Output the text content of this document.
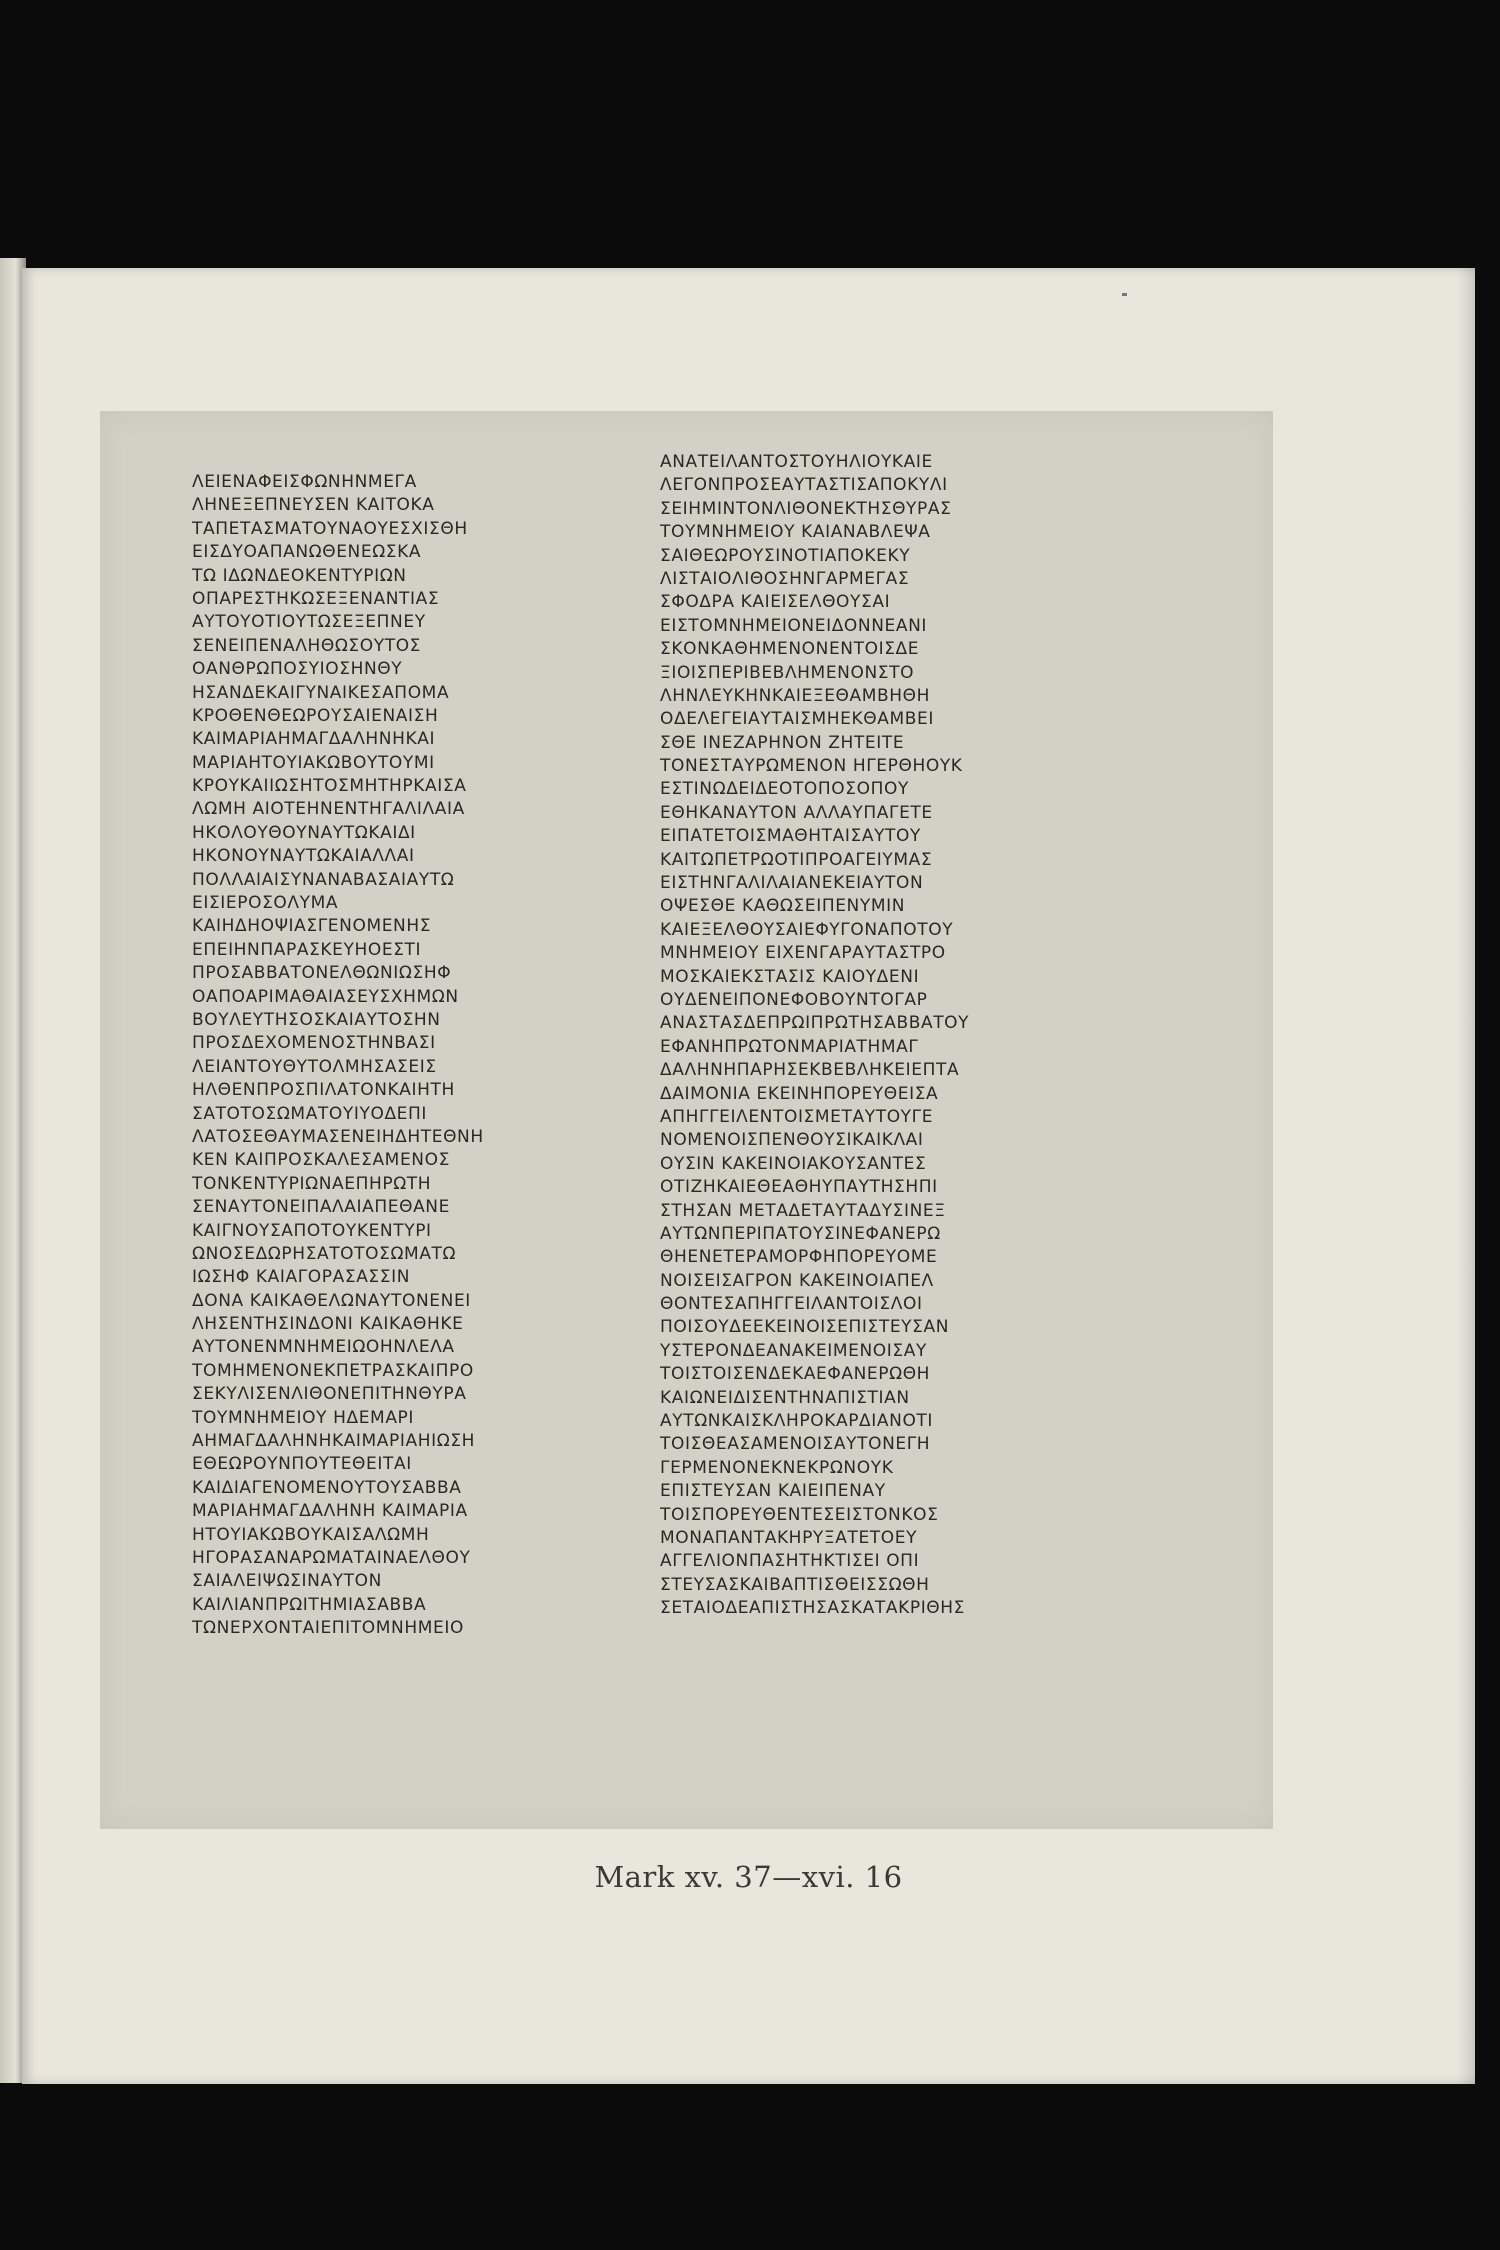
ΛΕΙΕΝΑΦΕΙΣΦΩΝΗΝΜΕΓΑ
ΛΗΝΕΞΕΠΝΕΥΣΕΝ ΚΑΙΤΟΚΑ
ΤΑΠΕΤΑΣΜΑΤΟΥΝΑΟΥΕΣΧΙΣΘΗ
ΕΙΣΔΥΟΑΠΑΝΩΘΕΝΕΩΣΚΑ
ΤΩ ΙΔΩΝΔΕΟΚΕΝΤΥΡΙΩΝ
ΟΠΑΡΕΣΤΗΚΩΣΕΞΕΝΑΝΤΙΑΣ
ΑΥΤΟΥΟΤΙΟΥΤΩΣΕΞΕΠΝΕΥ
ΣΕΝΕΙΠΕΝΑΛΗΘΩΣΟΥΤΟΣ
ΟΑΝΘΡΩΠΟΣΥΙΟΣΗΝΘΥ
ΗΣΑΝΔΕΚΑΙΓΥΝΑΙΚΕΣΑΠΟΜΑ
ΚΡΟΘΕΝΘΕΩΡΟΥΣΑΙΕΝΑΙΣΗ
ΚΑΙΜΑΡΙΑΗΜΑΓΔΑΛΗΝΗΚΑΙ
ΜΑΡΙΑΗΤΟΥΙΑΚΩΒΟΥΤΟΥΜΙ
ΚΡΟΥΚΑΙΙΩΣΗΤΟΣΜΗΤΗΡΚΑΙΣΑ
ΛΩΜΗ ΑΙΟΤΕΗΝΕΝΤΗΓΑΛΙΛΑΙΑ
ΗΚΟΛΟΥΘΟΥΝΑΥΤΩΚΑΙΔΙ
ΗΚΟΝΟΥΝΑΥΤΩΚΑΙΑΛΛΑΙ
ΠΟΛΛΑΙΑΙΣΥΝΑΝΑΒΑΣΑΙΑΥΤΩ
ΕΙΣΙΕΡΟΣΟΛΥΜΑ
ΚΑΙΗΔΗΟΨΙΑΣΓΕΝΟΜΕΝΗΣ
ΕΠΕΙΗΝΠΑΡΑΣΚΕΥΗΟΕΣΤΙ
ΠΡΟΣΑΒΒΑΤΟΝΕΛΘΩΝΙΩΣΗΦ
ΟΑΠΟΑΡΙΜΑΘΑΙΑΣΕΥΣΧΗΜΩΝ
ΒΟΥΛΕΥΤΗΣΟΣΚΑΙΑΥΤΟΣΗΝ
ΠΡΟΣΔΕΧΟΜΕΝΟΣΤΗΝΒΑΣΙ
ΛΕΙΑΝΤΟΥΘΥΤΟΛΜΗΣΑΣΕΙΣ
ΗΛΘΕΝΠΡΟΣΠΙΛΑΤΟΝΚΑΙΗΤΗ
ΣΑΤΟΤΟΣΩΜΑΤΟΥΙΥΟΔΕΠΙ
ΛΑΤΟΣΕΘΑΥΜΑΣΕΝΕΙΗΔΗΤΕΘΝΗ
ΚΕΝ ΚΑΙΠΡΟΣΚΑΛΕΣΑΜΕΝΟΣ
ΤΟΝΚΕΝΤΥΡΙΩΝΑΕΠΗΡΩΤΗ
ΣΕΝΑΥΤΟΝΕΙΠΑΛΑΙΑΠΕΘΑΝΕ
ΚΑΙΓΝΟΥΣΑΠΟΤΟΥΚΕΝΤΥΡΙ
ΩΝΟΣΕΔΩΡΗΣΑΤΟΤΟΣΩΜΑΤΩ
ΙΩΣΗΦ ΚΑΙΑΓΟΡΑΣΑΣΣΙΝ
ΔΟΝΑ ΚΑΙΚΑΘΕΛΩΝΑΥΤΟΝΕΝΕΙ
ΛΗΣΕΝΤΗΣΙΝΔΟΝΙ ΚΑΙΚΑΘΗΚΕ
ΑΥΤΟΝΕΝΜΝΗΜΕΙΩΟΗΝΛΕΛΑ
ΤΟΜΗΜΕΝΟΝΕΚΠΕΤΡΑΣΚΑΙΠΡΟ
ΣΕΚΥΛΙΣΕΝΛΙΘΟΝΕΠΙΤΗΝΘΥΡΑ
ΤΟΥΜΝΗΜΕΙΟΥ ΗΔΕΜΑΡΙ
ΑΗΜΑΓΔΑΛΗΝΗΚΑΙΜΑΡΙΑΗΙΩΣΗ
ΕΘΕΩΡΟΥΝΠΟΥΤΕΘΕΙΤΑΙ
ΚΑΙΔΙΑΓΕΝΟΜΕΝΟΥΤΟΥΣΑΒΒΑ
ΜΑΡΙΑΗΜΑΓΔΑΛΗΝΗ ΚΑΙΜΑΡΙΑ
ΗΤΟΥΙΑΚΩΒΟΥΚΑΙΣΑΛΩΜΗ
ΗΓΟΡΑΣΑΝΑΡΩΜΑΤΑΙΝΑΕΛΘΟΥ
ΣΑΙΑΛΕΙΨΩΣΙΝΑΥΤΟΝ
ΚΑΙΛΙΑΝΠΡΩΙΤΗΜΙΑΣΑΒΒΑ
ΤΩΝΕΡΧΟΝΤΑΙΕΠΙΤΟΜΝΗΜΕΙΟ
ΑΝΑΤΕΙΛΑΝΤΟΣΤΟΥΗΛΙΟΥΚΑΙΕ
ΛΕΓΟΝΠΡΟΣΕΑΥΤΑΣΤΙΣΑΠΟΚΥΛΙ
ΣΕΙΗΜΙΝΤΟΝΛΙΘΟΝΕΚΤΗΣΘΥΡΑΣ
ΤΟΥΜΝΗΜΕΙΟΥ ΚΑΙΑΝΑΒΛΕΨΑ
ΣΑΙΘΕΩΡΟΥΣΙΝΟΤΙΑΠΟΚΕΚΥ
ΛΙΣΤΑΙΟΛΙΘΟΣΗΝΓΑΡΜΕΓΑΣ
ΣΦΟΔΡΑ ΚΑΙΕΙΣΕΛΘΟΥΣΑΙ
ΕΙΣΤΟΜΝΗΜΕΙΟΝΕΙΔΟΝΝΕΑΝΙ
ΣΚΟΝΚΑΘΗΜΕΝΟΝΕΝΤΟΙΣΔΕ
ΞΙΟΙΣΠΕΡΙΒΕΒΛΗΜΕΝΟΝΣΤΟ
ΛΗΝΛΕΥΚΗΝΚΑΙΕΞΕΘΑΜΒΗΘΗ
ΟΔΕΛΕΓΕΙΑΥΤΑΙΣΜΗΕΚΘΑΜΒΕΙ
ΣΘΕ ΙΝΕΖΑΡΗΝΟΝ ΖΗΤΕΙΤΕ
ΤΟΝΕΣΤΑΥΡΩΜΕΝΟΝ ΗΓΕΡΘΗΟΥΚ
ΕΣΤΙΝΩΔΕΙΔΕΟΤΟΠΟΣΟΠΟΥ
ΕΘΗΚΑΝΑΥΤΟΝ ΑΛΛΑΥΠΑΓΕΤΕ
ΕΙΠΑΤΕΤΟΙΣΜΑΘΗΤΑΙΣΑΥΤΟΥ
ΚΑΙΤΩΠΕΤΡΩΟΤΙΠΡΟΑΓΕΙΥΜΑΣ
ΕΙΣΤΗΝΓΑΛΙΛΑΙΑΝΕΚΕΙΑΥΤΟΝ
ΟΨΕΣΘΕ ΚΑΘΩΣΕΙΠΕΝΥΜΙΝ
ΚΑΙΕΞΕΛΘΟΥΣΑΙΕΦΥΓΟΝΑΠΟΤΟΥ
ΜΝΗΜΕΙΟΥ ΕΙΧΕΝΓΑΡΑΥΤΑΣΤΡΟ
ΜΟΣΚΑΙΕΚΣΤΑΣΙΣ ΚΑΙΟΥΔΕΝΙ
ΟΥΔΕΝΕΙΠΟΝΕΦΟΒΟΥΝΤΟΓΑΡ
ΑΝΑΣΤΑΣΔΕΠΡΩΙΠΡΩΤΗΣΑΒΒΑΤΟΥ
ΕΦΑΝΗΠΡΩΤΟΝΜΑΡΙΑΤΗΜΑΓ
ΔΑΛΗΝΗΠΑΡΗΣΕΚΒΕΒΛΗΚΕΙΕΠΤΑ
ΔΑΙΜΟΝΙΑ ΕΚΕΙΝΗΠΟΡΕΥΘΕΙΣΑ
ΑΠΗΓΓΕΙΛΕΝΤΟΙΣΜΕΤΑΥΤΟΥΓΕ
ΝΟΜΕΝΟΙΣΠΕΝΘΟΥΣΙΚΑΙΚΛΑΙ
ΟΥΣΙΝ ΚΑΚΕΙΝΟΙΑΚΟΥΣΑΝΤΕΣ
ΟΤΙΖΗΚΑΙΕΘΕΑΘΗΥΠΑΥΤΗΣΗΠΙ
ΣΤΗΣΑΝ ΜΕΤΑΔΕΤΑΥΤΑΔΥΣΙΝΕΞ
ΑΥΤΩΝΠΕΡΙΠΑΤΟΥΣΙΝΕΦΑΝΕΡΩ
ΘΗΕΝΕΤΕΡΑΜΟΡΦΗΠΟΡΕΥΟΜΕ
ΝΟΙΣΕΙΣΑΓΡΟΝ ΚΑΚΕΙΝΟΙΑΠΕΛ
ΘΟΝΤΕΣΑΠΗΓΓΕΙΛΑΝΤΟΙΣΛΟΙ
ΠΟΙΣΟΥΔΕΕΚΕΙΝΟΙΣΕΠΙΣΤΕΥΣΑΝ
ΥΣΤΕΡΟΝΔΕΑΝΑΚΕΙΜΕΝΟΙΣΑΥ
ΤΟΙΣΤΟΙΣΕΝΔΕΚΑΕΦΑΝΕΡΩΘΗ
ΚΑΙΩΝΕΙΔΙΣΕΝΤΗΝΑΠΙΣΤΙΑΝ
ΑΥΤΩΝΚΑΙΣΚΛΗΡΟΚΑΡΔΙΑΝΟΤΙ
ΤΟΙΣΘΕΑΣΑΜΕΝΟΙΣΑΥΤΟΝΕΓΗ
ΓΕΡΜΕΝΟΝΕΚΝΕΚΡΩΝΟΥΚ
ΕΠΙΣΤΕΥΣΑΝ ΚΑΙΕΙΠΕΝΑΥ
ΤΟΙΣΠΟΡΕΥΘΕΝΤΕΣΕΙΣΤΟΝΚΟΣ
ΜΟΝΑΠΑΝΤΑΚΗΡΥΞΑΤΕΤΟΕΥ
ΑΓΓΕΛΙΟΝΠΑΣΗΤΗΚΤΙΣΕΙ ΟΠΙ
ΣΤΕΥΣΑΣΚΑΙΒΑΠΤΙΣΘΕΙΣΣΩΘΗ
ΣΕΤΑΙΟΔΕΑΠΙΣΤΗΣΑΣΚΑΤΑΚΡΙΘΗΣ
Mark xv. 37—xvi. 16
